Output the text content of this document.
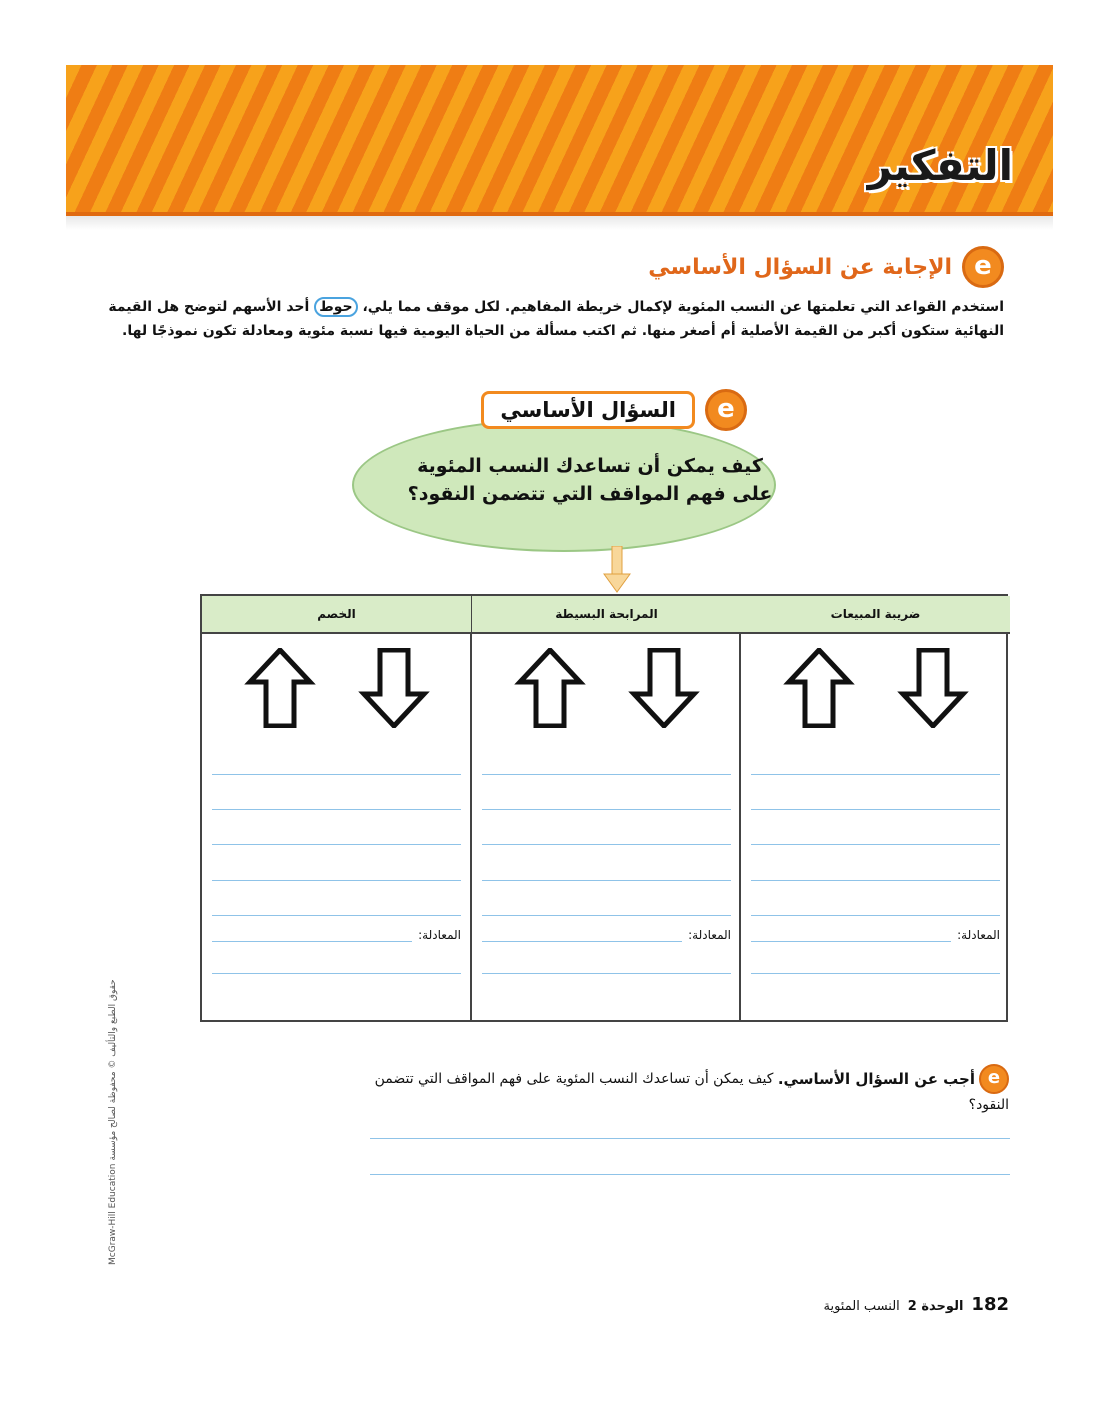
التفكير
e
الإجابة عن السؤال الأساسي
استخدم القواعد التي تعلمتها عن النسب المئوية لإكمال خريطة المفاهيم. لكل موقف مما يلي، حوط أحد الأسهم لتوضح هل القيمة النهائية ستكون أكبر من القيمة الأصلية أم أصغر منها. ثم اكتب مسألة من الحياة اليومية فيها نسبة مئوية ومعادلة تكون نموذجًا لها.
e
السؤال الأساسي
كيف يمكن أن تساعدك النسب المئوية على فهم المواقف التي تتضمن النقود؟
ضريبة المبيعات
المعادلة:
المرابحة البسيطة
المعادلة:
الخصم
المعادلة:
e
أجب عن السؤال الأساسي.
كيف يمكن أن تساعدك النسب المئوية على فهم المواقف التي تتضمن النقود؟
حقوق الطبع والتأليف © محفوظة لصالح مؤسسة McGraw-Hill Education
182
الوحدة 2
النسب المئوية
